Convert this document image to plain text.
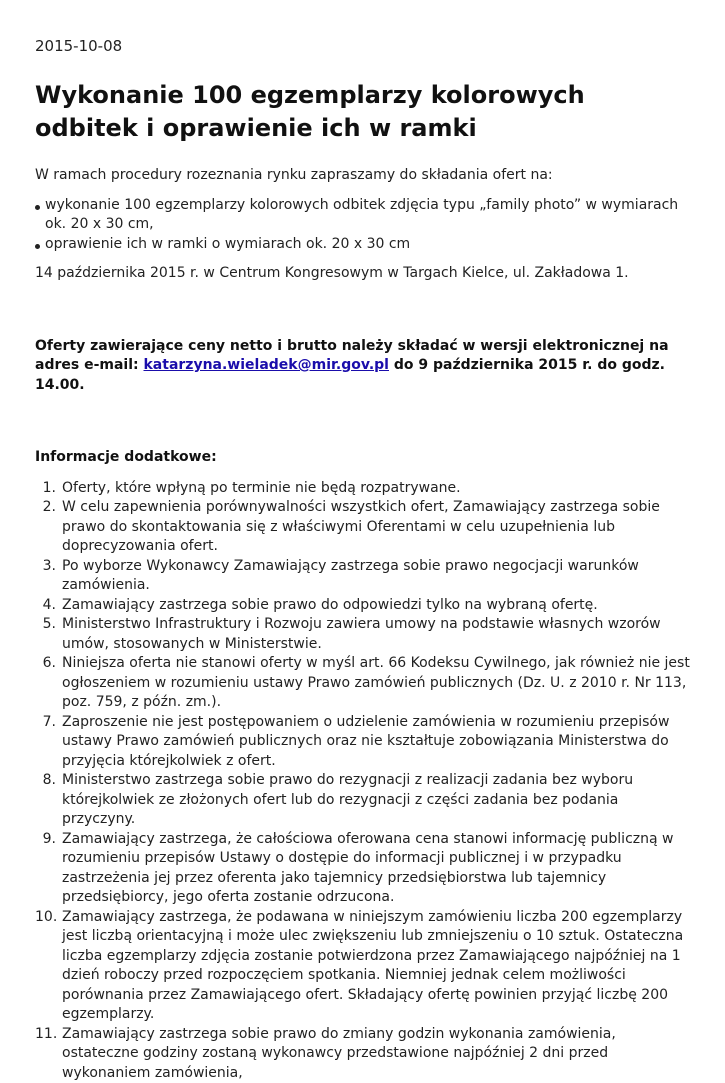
2015-10-08
Wykonanie 100 egzemplarzy kolorowych odbitek i oprawienie ich w ramki

W ramach procedury rozeznania rynku zapraszamy do składania ofert na:

wykonanie 100 egzemplarzy kolorowych odbitek zdjęcia typu „family photo” w wymiarach ok. 20 x 30 cm,
oprawienie ich w ramki o wymiarach ok. 20 x 30 cm

14 października 2015 r. w Centrum Kongresowym w Targach Kielce, ul. Zakładowa 1.

Oferty zawierające ceny netto i brutto należy składać w wersji elektronicznej na adres e-mail: katarzyna.wieladek@mir.gov.pl do 9 października 2015 r. do godz. 14.00.

Informacje dodatkowe:

1. Oferty, które wpłyną po terminie nie będą rozpatrywane.
2. W celu zapewnienia porównywalności wszystkich ofert, Zamawiający zastrzega sobie prawo do skontaktowania się z właściwymi Oferentami w celu uzupełnienia lub doprecyzowania ofert.
3. Po wyborze Wykonawcy Zamawiający zastrzega sobie prawo negocjacji warunków zamówienia.
4. Zamawiający zastrzega sobie prawo do odpowiedzi tylko na wybraną ofertę.
5. Ministerstwo Infrastruktury i Rozwoju zawiera umowy na podstawie własnych wzorów umów, stosowanych w Ministerstwie.
6. Niniejsza oferta nie stanowi oferty w myśl art. 66 Kodeksu Cywilnego, jak również nie jest ogłoszeniem w rozumieniu ustawy Prawo zamówień publicznych (Dz. U. z 2010 r. Nr 113, poz. 759, z późn. zm.).
7. Zaproszenie nie jest postępowaniem o udzielenie zamówienia w rozumieniu przepisów ustawy Prawo zamówień publicznych oraz nie kształtuje zobowiązania Ministerstwa do przyjęcia którejkolwiek z ofert.
8. Ministerstwo zastrzega sobie prawo do rezygnacji z realizacji zadania bez wyboru którejkolwiek ze złożonych ofert lub do rezygnacji z części zadania bez podania przyczyny.
9. Zamawiający zastrzega, że całościowa oferowana cena stanowi informację publiczną w rozumieniu przepisów Ustawy o dostępie do informacji publicznej i w przypadku zastrzeżenia jej przez oferenta jako tajemnicy przedsiębiorstwa lub tajemnicy przedsiębiorcy, jego oferta zostanie odrzucona.
10. Zamawiający zastrzega, że podawana w niniejszym zamówieniu liczba 200 egzemplarzy jest liczbą orientacyjną i może ulec zwiększeniu lub zmniejszeniu o 10 sztuk. Ostateczna liczba egzemplarzy zdjęcia zostanie potwierdzona przez Zamawiającego najpóźniej na 1 dzień roboczy przed rozpoczęciem spotkania. Niemniej jednak celem możliwości porównania przez Zamawiającego ofert. Składający ofertę powinien przyjąć liczbę 200 egzemplarzy.
11. Zamawiający zastrzega sobie prawo do zmiany godzin wykonania zamówienia, ostateczne godziny zostaną wykonawcy przedstawione najpóźniej 2 dni przed wykonaniem zamówienia,
